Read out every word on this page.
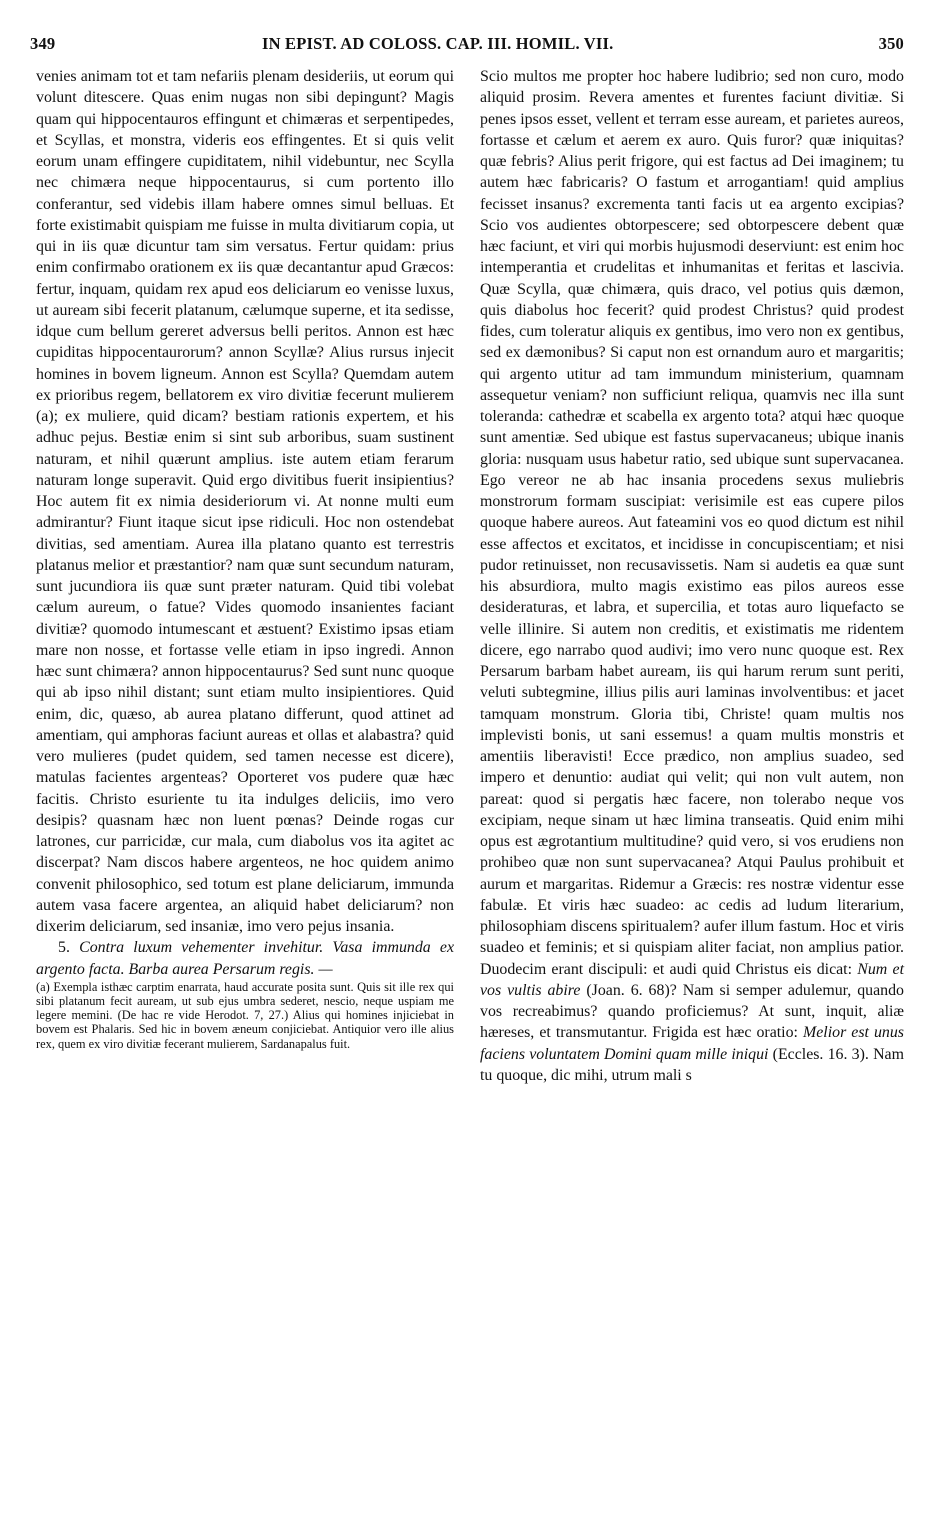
349	IN EPIST. AD COLOSS. CAP. III. HOMIL. VII.	350

venies animam tot et tam nefariis plenam desideriis, ut eorum qui volunt ditescere. Quas enim nugas non sibi depingunt? Magis quam qui hippocentauros effingunt et chimæras et serpentipedes, et Scyllas, et monstra, videris eos effingentes. Et si quis velit eorum unam effingere cupiditatem, nihil videbuntur, nec Scylla nec chimæra neque hippocentaurus, si cum portento illo conferantur, sed videbis illam habere omnes simul belluas. Et forte existimabit quispiam me fuisse in multa divitiarum copia, ut qui in iis quæ dicuntur tam sim versatus. Fertur quidam: prius enim confirmabo orationem ex iis quæ decantantur apud Græcos: fertur, inquam, quidam rex apud eos deliciarum eo venisse luxus, ut auream sibi fecerit platanum, cælumque superne, et ita sedisse, idque cum bellum gereret adversus belli peritos. Annon est hæc cupiditas hippocentaurorum? annon Scyllæ? Alius rursus injecit homines in bovem ligneum. Annon est Scylla? Quemdam autem ex prioribus regem, bellatorem ex viro divitiæ fecerunt mulierem (a); ex muliere, quid dicam? bestiam rationis expertem, et his adhuc pejus. Bestiæ enim si sint sub arboribus, suam sustinent naturam, et nihil quærunt amplius. iste autem etiam ferarum naturam longe superavit. Quid ergo divitibus fuerit insipientius? Hoc autem fit ex nimia desideriorum vi. At nonne multi eum admirantur? Fiunt itaque sicut ipse ridiculi. Hoc non ostendebat divitias, sed amentiam. Aurea illa platano quanto est terrestris platanus melior et præstantior? nam quæ sunt secundum naturam, sunt jucundiora iis quæ sunt præter naturam. Quid tibi volebat cælum aureum, o fatue? Vides quomodo insanientes faciant divitiæ? quomodo intumescant et æstuent? Existimo ipsas etiam mare non nosse, et fortasse velle etiam in ipso ingredi. Annon hæc sunt chimæra? annon hippocentaurus? Sed sunt nunc quoque qui ab ipso nihil distant; sunt etiam multo insipientiores. Quid enim, dic, quæso, ab aurea platano differunt, quod attinet ad amentiam, qui amphoras faciunt aureas et ollas et alabastra? quid vero mulieres (pudet quidem, sed tamen necesse est dicere), matulas facientes argenteas? Oporteret vos pudere quæ hæc facitis. Christo esuriente tu ita indulges deliciis, imo vero desipis? quasnam hæc non luent pœnas? Deinde rogas cur latrones, cur parricidæ, cur mala, cum diabolus vos ita agitet ac discerpat? Nam discos habere argenteos, ne hoc quidem animo convenit philosophico, sed totum est plane deliciarum, immunda autem vasa facere argentea, an aliquid habet deliciarum? non dixerim deliciarum, sed insaniæ, imo vero pejus insania.

5. Contra luxum vehementer invehitur. Vasa immunda ex argento facta. Barba aurea Persarum regis. —

(a) Exempla isthæc carptim enarrata, haud accurate posita sunt. Quis sit ille rex qui sibi platanum fecit auream, ut sub ejus umbra sederet, nescio, neque uspiam me legere memini. (De hac re vide Herodot. 7, 27.) Alius qui homines injiciebat in bovem est Phalaris. Sed hic in bovem æneum conjiciebat. Antiquior vero ille alius rex, quem ex viro divitiæ fecerant mulierem, Sardanapalus fuit.

Scio multos me propter hoc habere ludibrio; sed non curo, modo aliquid prosim. Revera amentes et furentes faciunt divitiæ. Si penes ipsos esset, vellent et terram esse auream, et parietes aureos, fortasse et cælum et aerem ex auro. Quis furor? quæ iniquitas? quæ febris? Alius perit frigore, qui est factus ad Dei imaginem; tu autem hæc fabricaris? O fastum et arrogantiam! quid amplius fecisset insanus? excrementa tanti facis ut ea argento excipias? Scio vos audientes obtorpescere; sed obtorpescere debent quæ hæc faciunt, et viri qui morbis hujusmodi deserviunt: est enim hoc intemperantia et crudelitas et inhumanitas et feritas et lascivia. Quæ Scylla, quæ chimæra, quis draco, vel potius quis dæmon, quis diabolus hoc fecerit? quid prodest Christus? quid prodest fides, cum toleratur aliquis ex gentibus, imo vero non ex gentibus, sed ex dæmonibus? Si caput non est ornandum auro et margaritis; qui argento utitur ad tam immundum ministerium, quamnam assequetur veniam? non sufficiunt reliqua, quamvis nec illa sunt toleranda: cathedræ et scabella ex argento tota? atqui hæc quoque sunt amentiæ. Sed ubique est fastus supervacaneus; ubique inanis gloria: nusquam usus habetur ratio, sed ubique sunt supervacanea. Ego vereor ne ab hac insania procedens sexus muliebris monstrorum formam suscipiat: verisimile est eas cupere pilos quoque habere aureos. Aut fateamini vos eo quod dictum est nihil esse affectos et excitatos, et incidisse in concupiscentiam; et nisi pudor retinuisset, non recusavissetis. Nam si audetis ea quæ sunt his absurdiora, multo magis existimo eas pilos aureos esse desideraturas, et labra, et supercilia, et totas auro liquefacto se velle illinire. Si autem non creditis, et existimatis me ridentem dicere, ego narrabo quod audivi; imo vero nunc quoque est. Rex Persarum barbam habet auream, iis qui harum rerum sunt periti, veluti subtegmine, illius pilis auri laminas involventibus: et jacet tamquam monstrum. Gloria tibi, Christe! quam multis nos implevisti bonis, ut sani essemus! a quam multis monstris et amentiis liberavisti! Ecce prædico, non amplius suadeo, sed impero et denuntio: audiat qui velit; qui non vult autem, non pareat: quod si pergatis hæc facere, non tolerabo neque vos excipiam, neque sinam ut hæc limina transeatis. Quid enim mihi opus est ægrotantium multitudine? quid vero, si vos erudiens non prohibeo quæ non sunt supervacanea? Atqui Paulus prohibuit et aurum et margaritas. Ridemur a Græcis: res nostræ videntur esse fabulæ. Et viris hæc suadeo: ac cedis ad ludum literarium, philosophiam discens spiritualem? aufer illum fastum. Hoc et viris suadeo et feminis; et si quispiam aliter faciat, non amplius patior. Duodecim erant discipuli: et audi quid Christus eis dicat: Num et vos vultis abire (Joan. 6. 68)? Nam si semper adulemur, quando vos recreabimus? quando proficiemus? At sunt, inquit, aliæ hæreses, et transmutantur. Frigida est hæc oratio: Melior est unus faciens voluntatem Domini quam mille iniqui (Eccles. 16. 3). Nam tu quoque, dic mihi, utrum mali s
